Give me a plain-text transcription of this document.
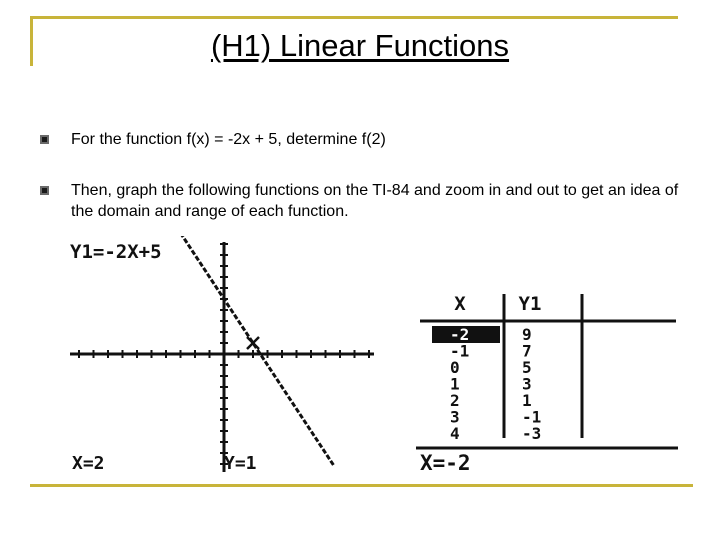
(H1) Linear Functions
For the function f(x) = -2x + 5, determine f(2)
Then, graph the following functions on the TI-84 and zoom in and out to get an idea of the domain and range of each function.
Y1=-2X+5
X=2	Y=1
X	Y1
-2	9
-1	7
0	5
1	3
2	1
3	-1
4	-3
X=-2
